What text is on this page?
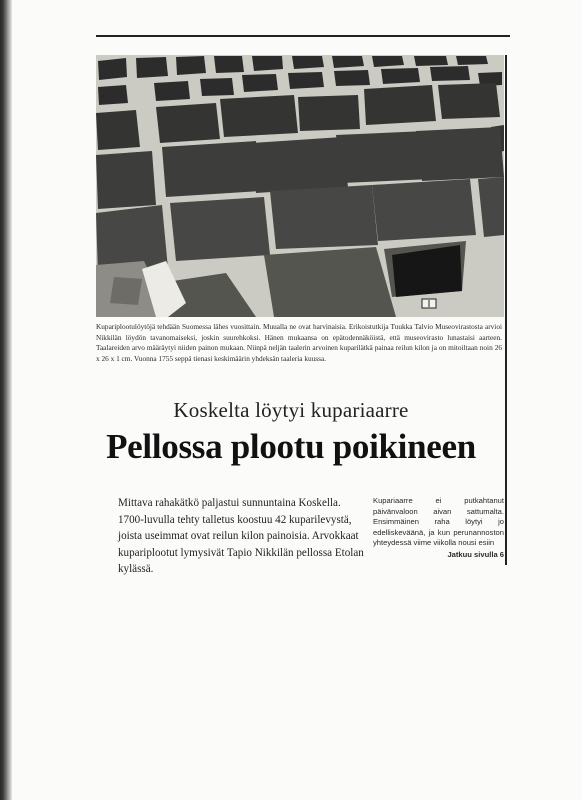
Kupariplootulöytöjä tehdään Suomessa lähes vuosittain. Muualla ne ovat harvinaisia. Erikoistutkija Tuukka Talvio Museovirastosta arvioi Nikkilän löydön tavanomaiseksi, joskin suurehkoksi. Hänen mukaansa on epätodennäköistä, että museovirasto lunastaisi aarteen. Taalareiden arvo määräytyi niiden painon mukaan. Niinpä neljän taalerin arvoinen kuparilätkä painaa reilun kilon ja on mitoiltaan noin 26 x 26 x 1 cm. Vuonna 1755 seppä tienasi keskimäärin yhdeksän taaleria kuussa.
Koskelta löytyi kupariaarre
Pellossa plootu poikineen
Mittava rahakätkö paljastui sunnuntaina Koskella. 1700-luvulla tehty talletus koostuu 42 kuparilevystä, joista useimmat ovat reilun kilon painoisia. Arvokkaat kupariplootut lymysivät Tapio Nikkilän pellossa Etolan kylässä.
Kupariaarre ei putkahtanut päivänvaloon aivan sattumalta. Ensimmäinen raha löytyi jo edelliskeväänä, ja kun perunannoston yhteydessä viime viikolla nousi esiin
Jatkuu sivulla 6
